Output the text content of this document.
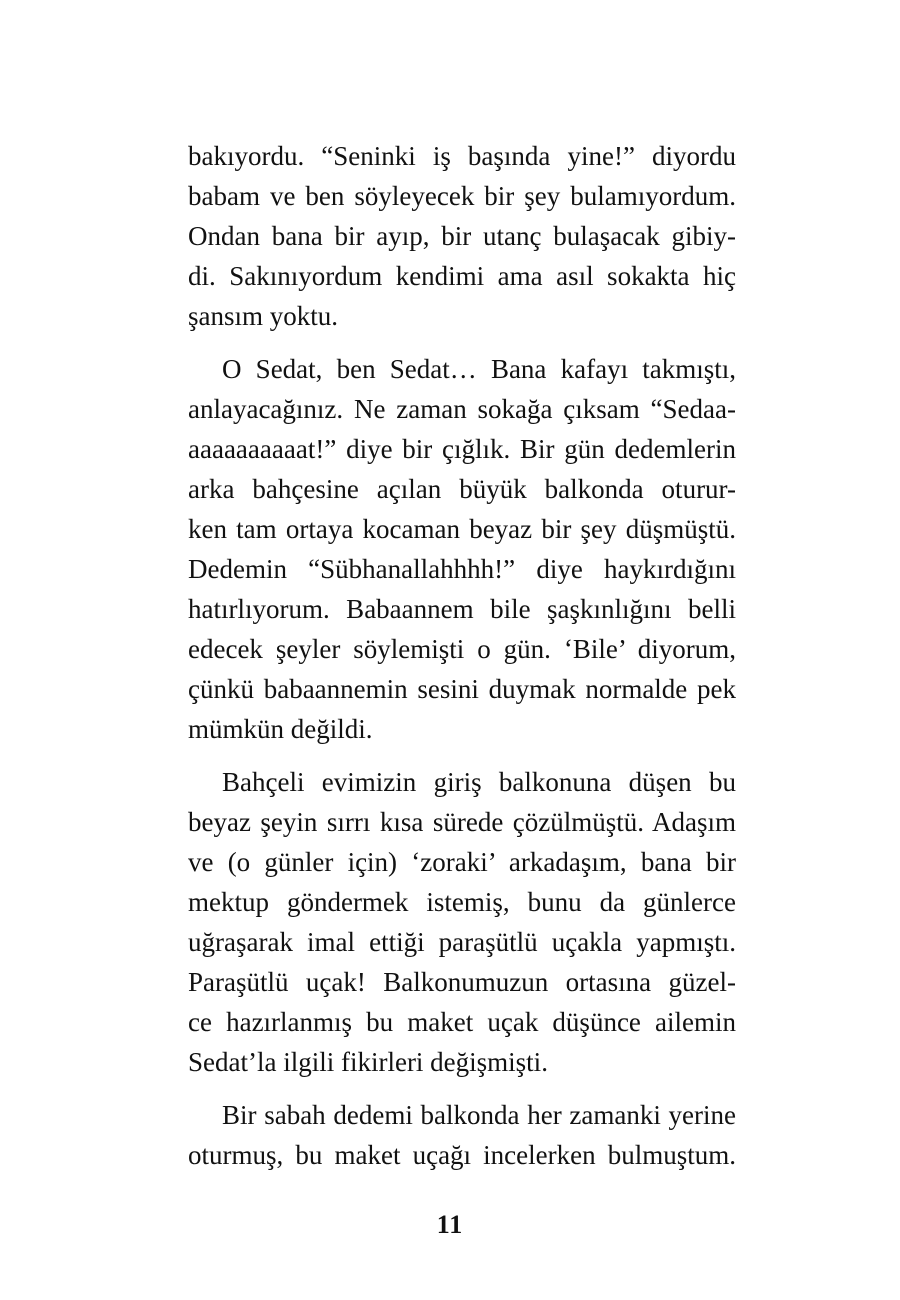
bakıyordu. “Seninki iş başında yine!” diyordu
babam ve ben söyleyecek bir şey bulamıyordum.
Ondan bana bir ayıp, bir utanç bulaşacak gibiy-
di. Sakınıyordum kendimi ama asıl sokakta hiç
şansım yoktu.
O Sedat, ben Sedat… Bana kafayı takmıştı,
anlayacağınız. Ne zaman sokağa çıksam “Sedaa-
aaaaaaaaaat!” diye bir çığlık. Bir gün dedemlerin
arka bahçesine açılan büyük balkonda oturur-
ken tam ortaya kocaman beyaz bir şey düşmüştü.
Dedemin “Sübhanallahhhh!” diye haykırdığını
hatırlıyorum. Babaannem bile şaşkınlığını belli
edecek şeyler söylemişti o gün. ‘Bile’ diyorum,
çünkü babaannemin sesini duymak normalde pek
mümkün değildi.
Bahçeli evimizin giriş balkonuna düşen bu
beyaz şeyin sırrı kısa sürede çözülmüştü. Adaşım
ve (o günler için) ‘zoraki’ arkadaşım, bana bir
mektup göndermek istemiş, bunu da günlerce
uğraşarak imal ettiği paraşütlü uçakla yapmıştı.
Paraşütlü uçak! Balkonumuzun ortasına güzel-
ce hazırlanmış bu maket uçak düşünce ailemin
Sedat’la ilgili fikirleri değişmişti.
Bir sabah dedemi balkonda her zamanki yerine
oturmuş, bu maket uçağı incelerken bulmuştum.
11
